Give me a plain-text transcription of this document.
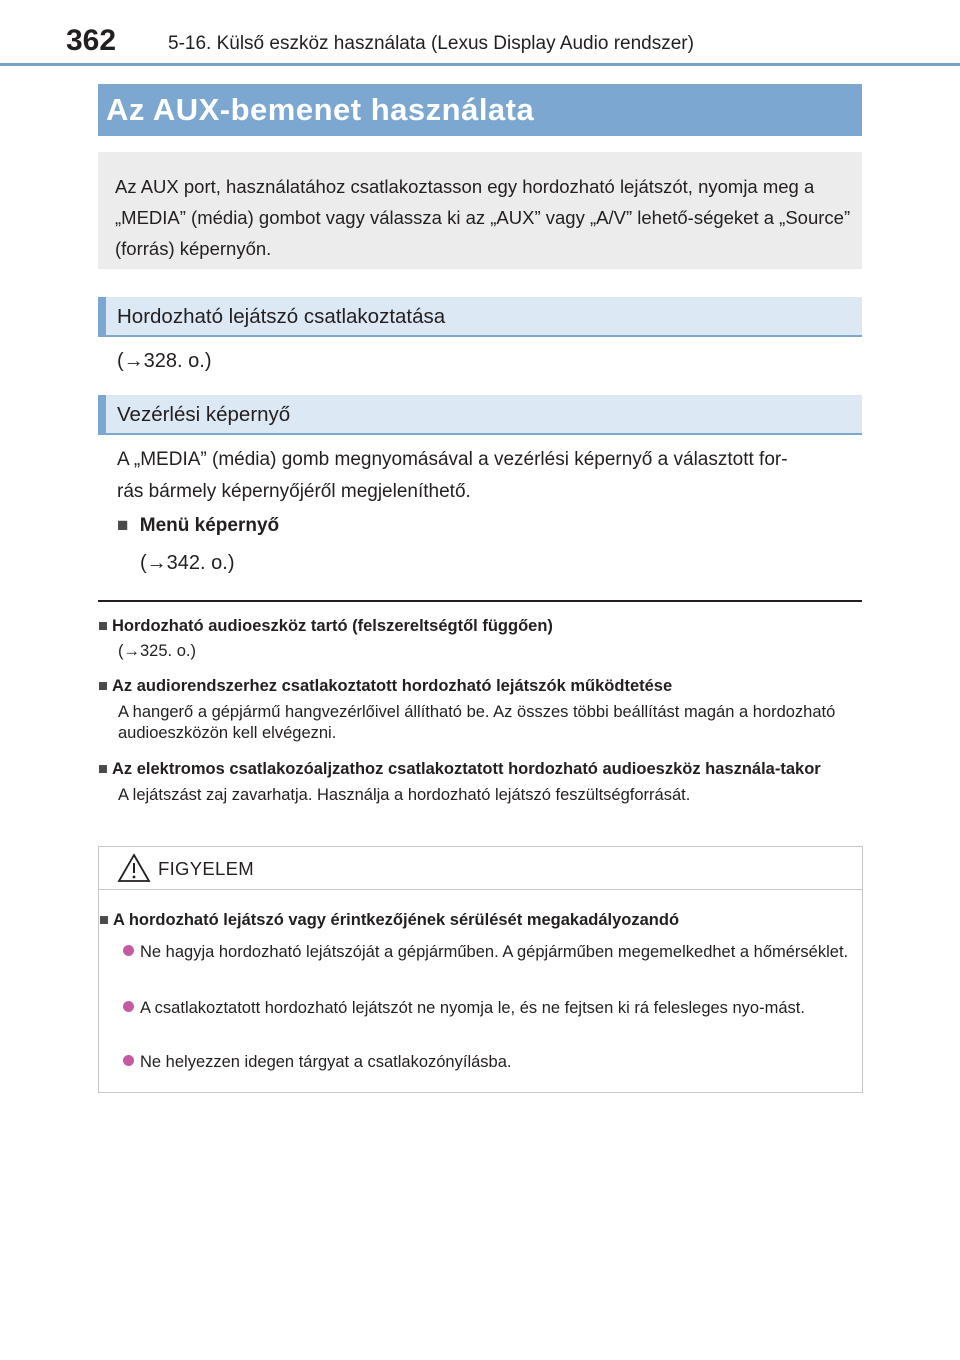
362	5-16. Külső eszköz használata (Lexus Display Audio rendszer)
Az AUX-bemenet használata

Az AUX port, használatához csatlakoztasson egy hordozható lejátszót, nyomja meg a „MEDIA” (média) gombot vagy válassza ki az „AUX” vagy „A/V” lehető-ségeket a „Source” (forrás) képernyőn.

Hordozható lejátszó csatlakoztatása
(→328. o.)
Vezérlési képernyő
A „MEDIA” (média) gomb megnyomásával a vezérlési képernyő a választott for-
rás bármely képernyőjéről megjeleníthető.
■ Menü képernyő
(→342. o.)
■ Hordozható audioeszköz tartó (felszereltségtől függően)
(→325. o.)
■ Az audiorendszerhez csatlakoztatott hordozható lejátszók működtetése
A hangerő a gépjármű hangvezérlőivel állítható be. Az összes többi beállítást magán a hordozható audioeszközön kell elvégezni.
■ Az elektromos csatlakozóaljzathoz csatlakoztatott hordozható audioeszköz használa-takor
A lejátszást zaj zavarhatja. Használja a hordozható lejátszó feszültségforrását.
FIGYELEM
■ A hordozható lejátszó vagy érintkezőjének sérülését megakadályozandó
Ne hagyja hordozható lejátszóját a gépjárműben. A gépjárműben megemelkedhet a hőmérséklet.
A csatlakoztatott hordozható lejátszót ne nyomja le, és ne fejtsen ki rá felesleges nyo-mást.
Ne helyezzen idegen tárgyat a csatlakozónyílásba.
